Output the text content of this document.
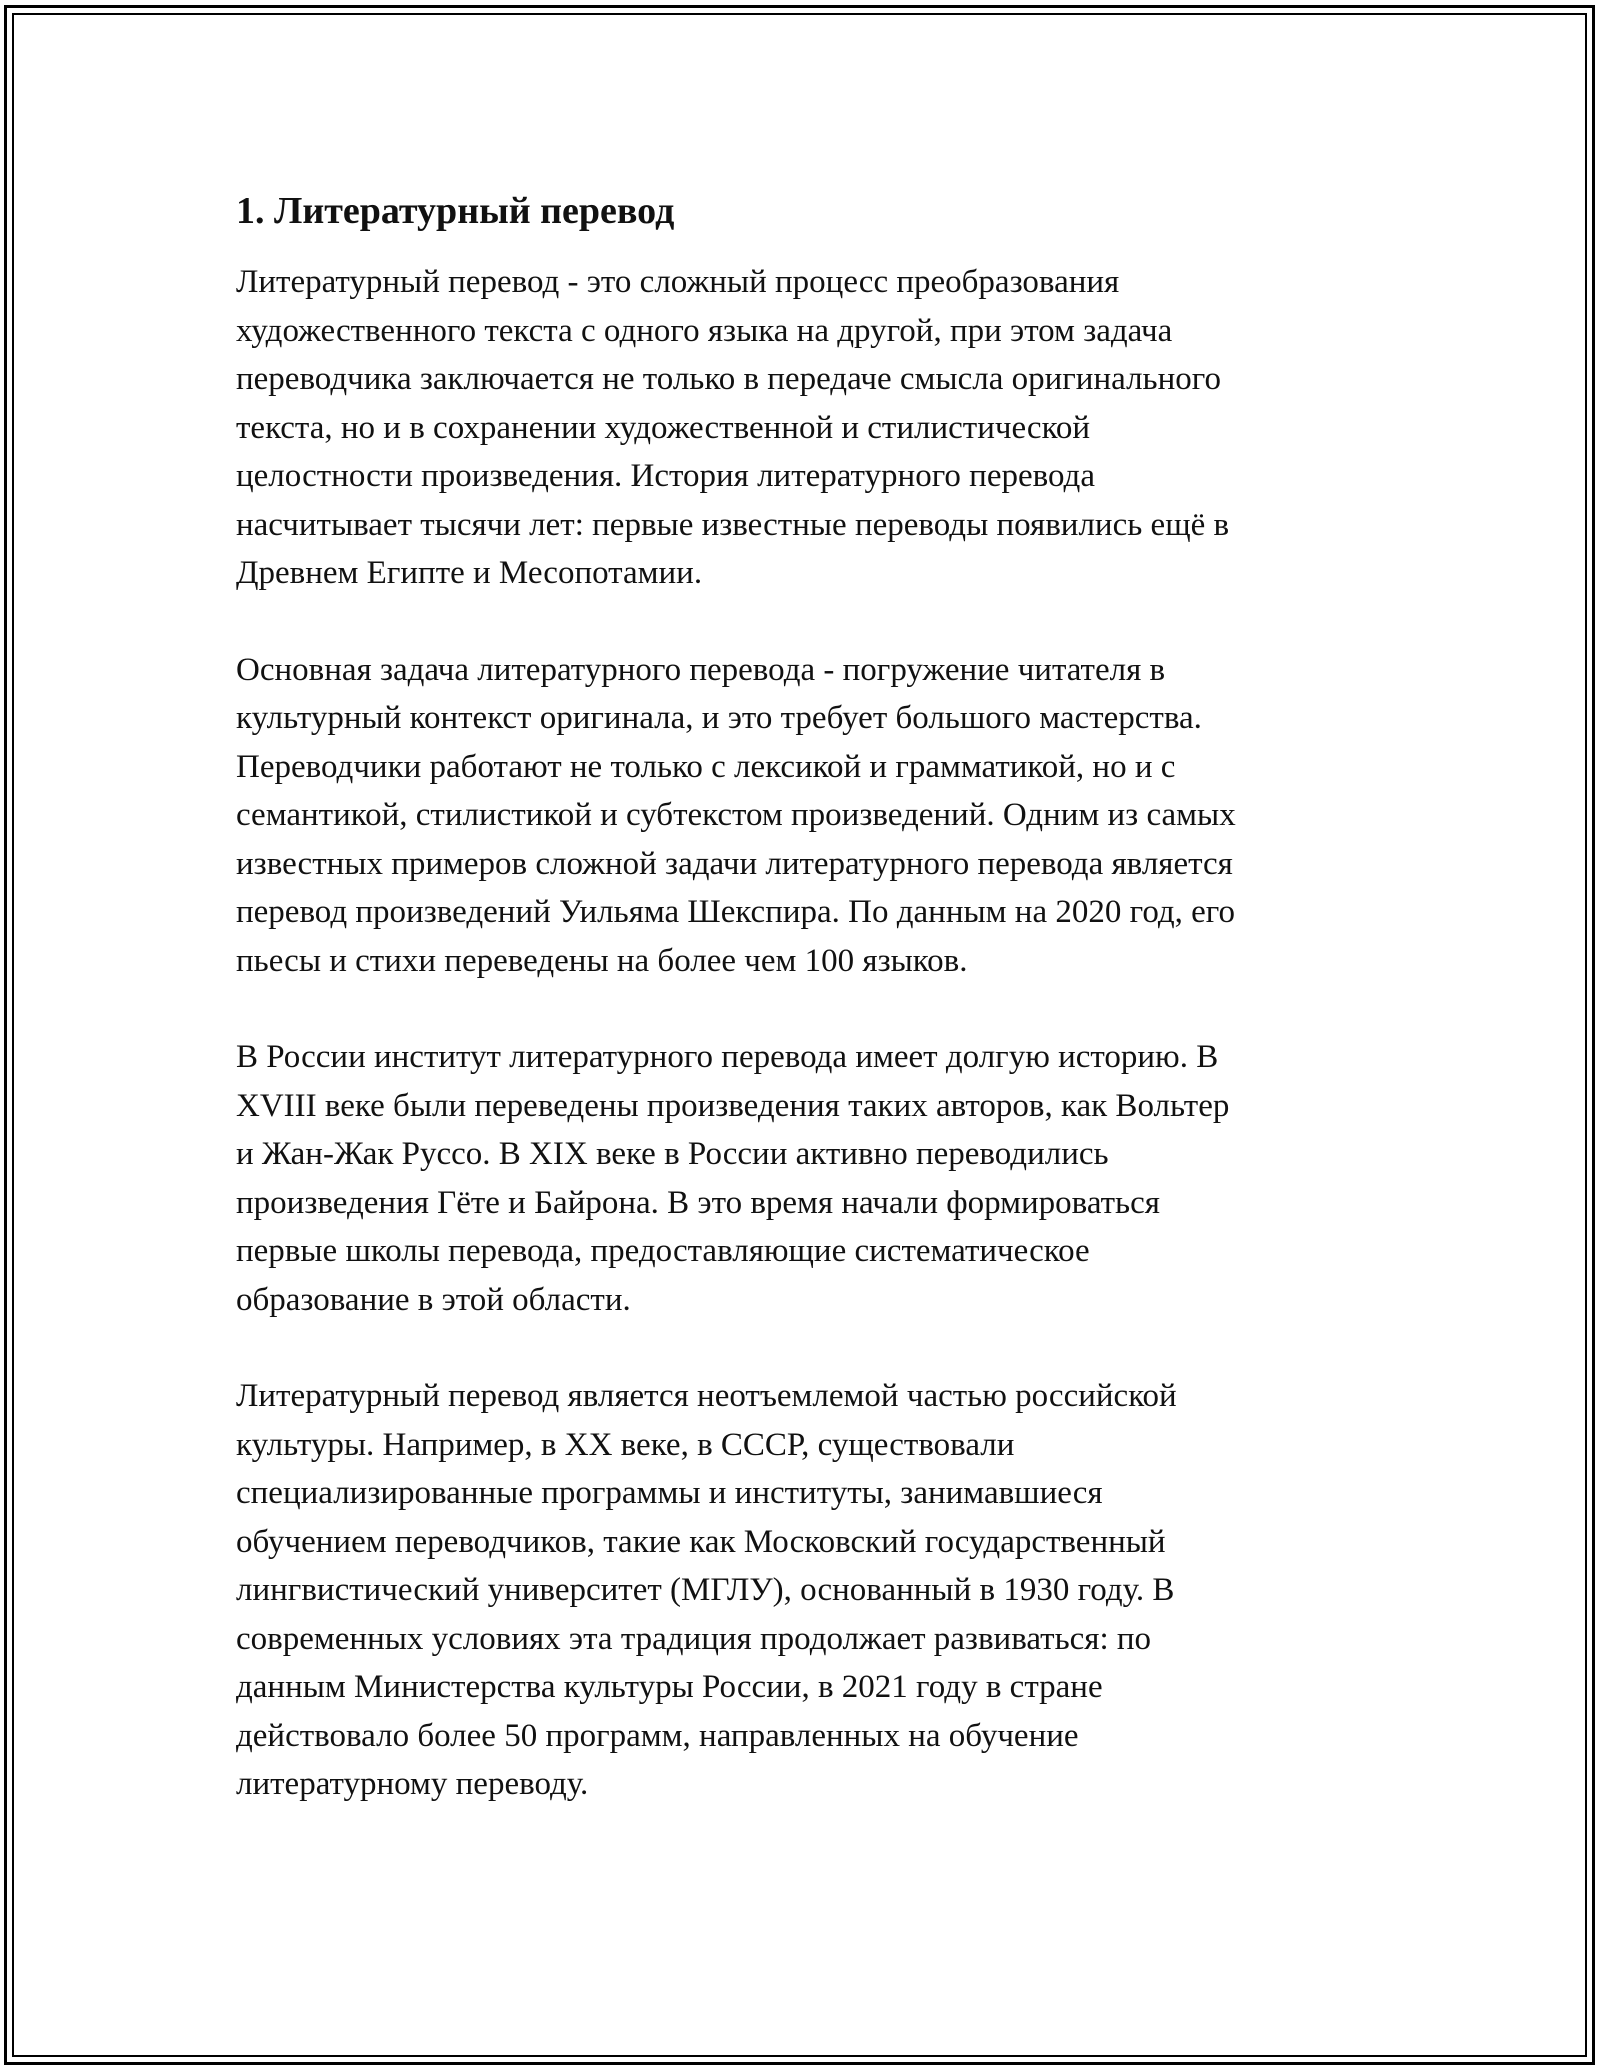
1. Литературный перевод

Литературный перевод - это сложный процесс преобразования
художественного текста с одного языка на другой, при этом задача
переводчика заключается не только в передаче смысла оригинального
текста, но и в сохранении художественной и стилистической
целостности произведения. История литературного перевода
насчитывает тысячи лет: первые известные переводы появились ещё в
Древнем Египте и Месопотамии.

Основная задача литературного перевода - погружение читателя в
культурный контекст оригинала, и это требует большого мастерства.
Переводчики работают не только с лексикой и грамматикой, но и с
семантикой, стилистикой и субтекстом произведений. Одним из самых
известных примеров сложной задачи литературного перевода является
перевод произведений Уильяма Шекспира. По данным на 2020 год, его
пьесы и стихи переведены на более чем 100 языков.

В России институт литературного перевода имеет долгую историю. В
XVIII веке были переведены произведения таких авторов, как Вольтер
и Жан-Жак Руссо. В XIX веке в России активно переводились
произведения Гёте и Байрона. В это время начали формироваться
первые школы перевода, предоставляющие систематическое
образование в этой области.

Литературный перевод является неотъемлемой частью российской
культуры. Например, в XX веке, в СССР, существовали
специализированные программы и институты, занимавшиеся
обучением переводчиков, такие как Московский государственный
лингвистический университет (МГЛУ), основанный в 1930 году. В
современных условиях эта традиция продолжает развиваться: по
данным Министерства культуры России, в 2021 году в стране
действовало более 50 программ, направленных на обучение
литературному переводу.
